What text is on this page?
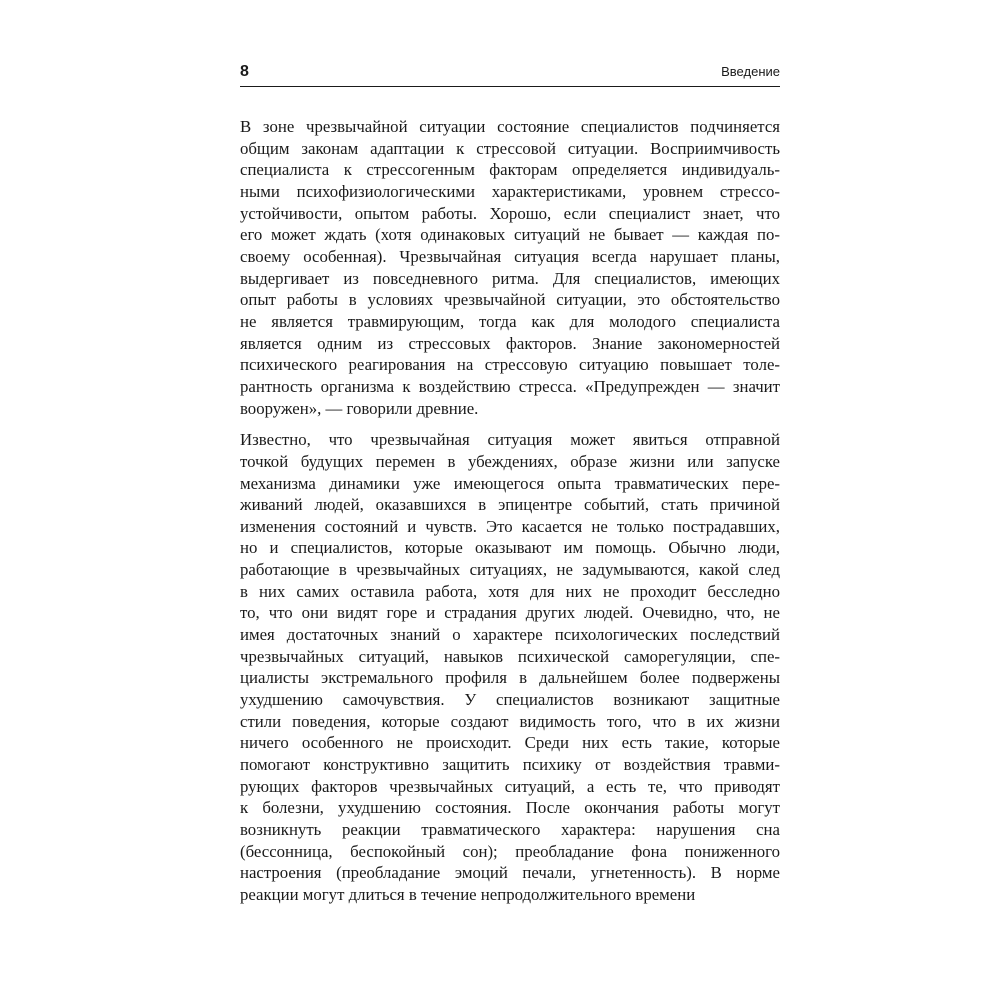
8	Введение
В зоне чрезвычайной ситуации состояние специалистов подчиняется
общим законам адаптации к стрессовой ситуации. Восприимчивость
специалиста к стрессогенным факторам определяется индивидуаль-
ными психофизиологическими характеристиками, уровнем стрессо-
устойчивости, опытом работы. Хорошо, если специалист знает, что
его может ждать (хотя одинаковых ситуаций не бывает — каждая по-
своему особенная). Чрезвычайная ситуация всегда нарушает планы,
выдергивает из повседневного ритма. Для специалистов, имеющих
опыт работы в условиях чрезвычайной ситуации, это обстоятельство
не является травмирующим, тогда как для молодого специалиста
является одним из стрессовых факторов. Знание закономерностей
психического реагирования на стрессовую ситуацию повышает толе-
рантность организма к воздействию стресса. «Предупрежден — значит
вооружен», — говорили древние.
Известно, что чрезвычайная ситуация может явиться отправной
точкой будущих перемен в убеждениях, образе жизни или запуске
механизма динамики уже имеющегося опыта травматических пере-
живаний людей, оказавшихся в эпицентре событий, стать причиной
изменения состояний и чувств. Это касается не только пострадавших,
но и специалистов, которые оказывают им помощь. Обычно люди,
работающие в чрезвычайных ситуациях, не задумываются, какой след
в них самих оставила работа, хотя для них не проходит бесследно
то, что они видят горе и страдания других людей. Очевидно, что, не
имея достаточных знаний о характере психологических последствий
чрезвычайных ситуаций, навыков психической саморегуляции, спе-
циалисты экстремального профиля в дальнейшем более подвержены
ухудшению самочувствия. У специалистов возникают защитные
стили поведения, которые создают видимость того, что в их жизни
ничего особенного не происходит. Среди них есть такие, которые
помогают конструктивно защитить психику от воздействия травми-
рующих факторов чрезвычайных ситуаций, а есть те, что приводят
к болезни, ухудшению состояния. После окончания работы могут
возникнуть реакции травматического характера: нарушения сна
(бессонница, беспокойный сон); преобладание фона пониженного
настроения (преобладание эмоций печали, угнетенность). В норме
реакции могут длиться в течение непродолжительного времени
